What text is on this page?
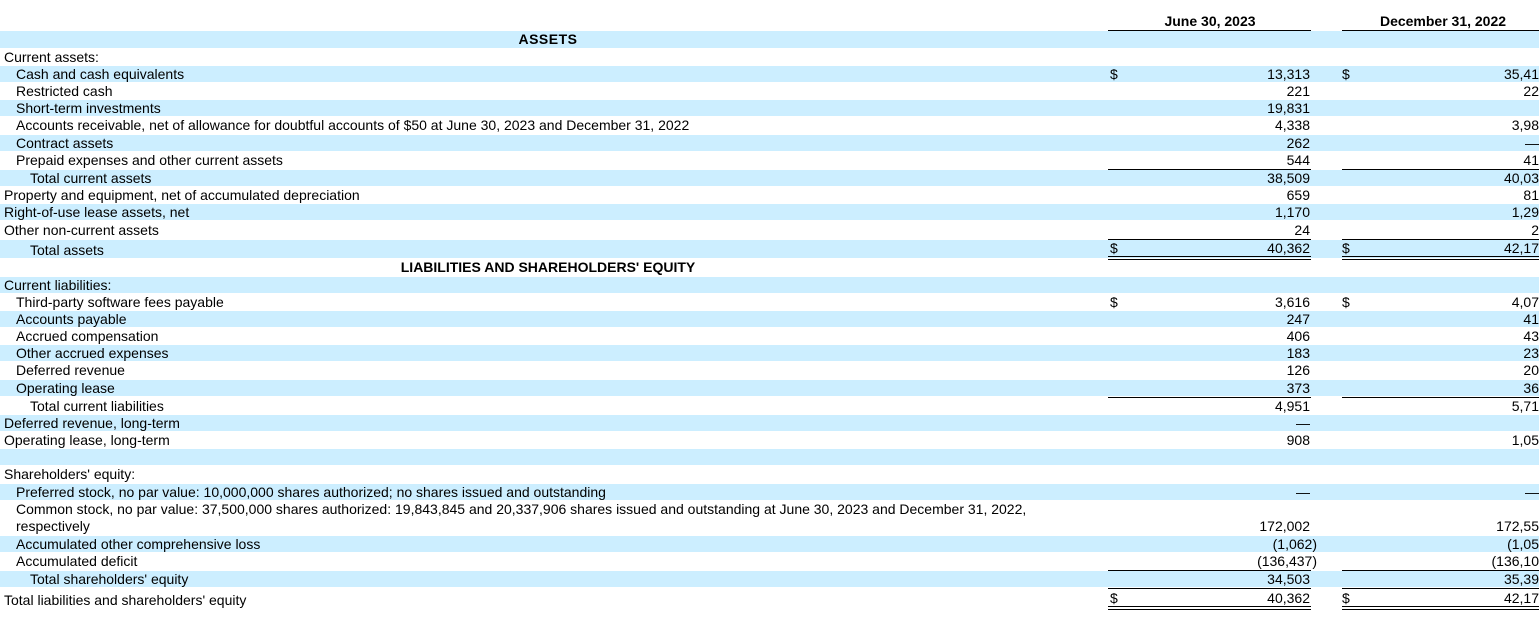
June 30, 2023	December 31, 2022
ASSETS
Current assets:
Cash and cash equivalents	$	13,313 $	35,41
Restricted cash	221	22
Short-term investments	19,831
Accounts receivable, net of allowance for doubtful accounts of $50 at June 30, 2023 and December 31, 2022	4,338	3,98
Contract assets	262	—
Prepaid expenses and other current assets	544	41
Total current assets	38,509	40,03
Property and equipment, net of accumulated depreciation	659	81
Right-of-use lease assets, net	1,170	1,29
Other non-current assets	24	2
Total assets	$	40,362 $	42,17
LIABILITIES AND SHAREHOLDERS' EQUITY
Current liabilities:
Third-party software fees payable	$	3,616 $	4,07
Accounts payable	247	41
Accrued compensation	406	43
Other accrued expenses	183	23
Deferred revenue	126	20
Operating lease	373	36
Total current liabilities	4,951	5,71
Deferred revenue, long-term	—
Operating lease, long-term	908	1,05
Shareholders' equity:
Preferred stock, no par value: 10,000,000 shares authorized; no shares issued and outstanding	—	—
Common stock, no par value: 37,500,000 shares authorized: 19,843,845 and 20,337,906 shares issued and outstanding at June 30, 2023 and December 31, 2022,
respectively	172,002	172,55
Accumulated other comprehensive loss	(1,062)	(1,05
Accumulated deficit	(136,437)	(136,10
Total shareholders' equity	34,503	35,39
Total liabilities and shareholders' equity	$	40,362 $	42,17
